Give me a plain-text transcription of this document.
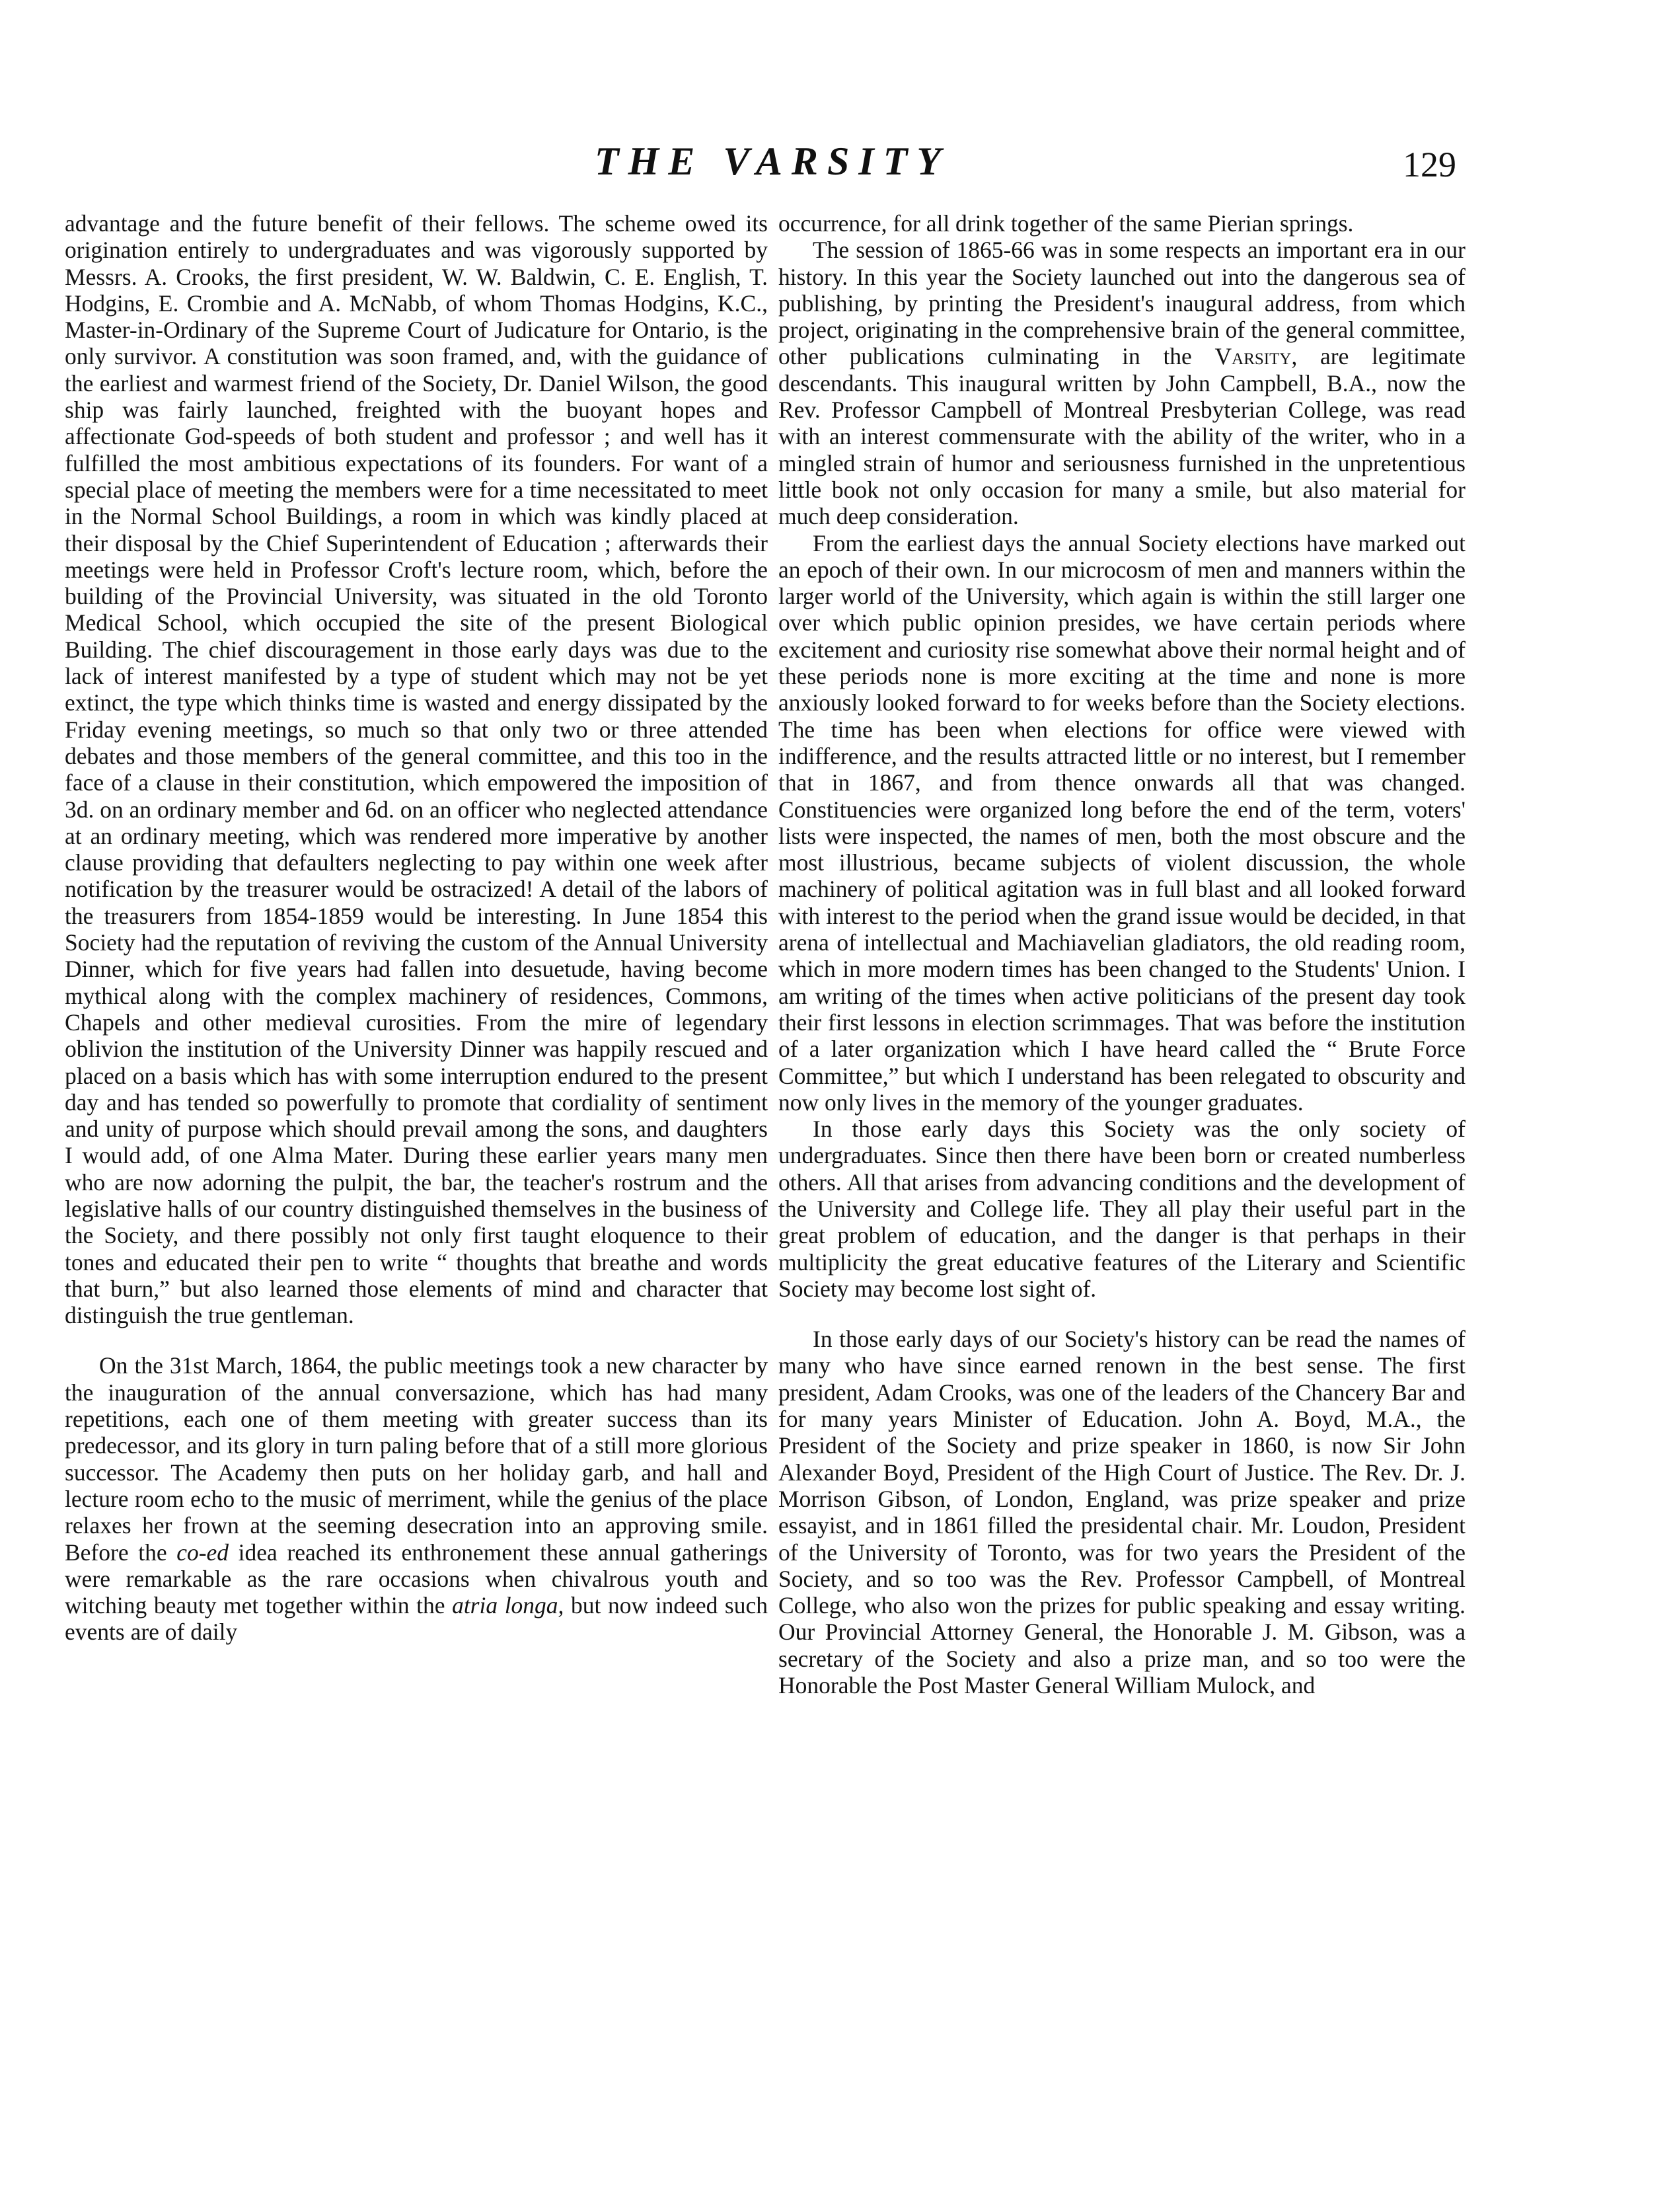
THE VARSITY	129

advantage and the future benefit of their fellows. The scheme owed its origination entirely to undergraduates and was vigorously supported by Messrs. A. Crooks, the first president, W. W. Baldwin, C. E. English, T. Hodgins, E. Crombie and A. McNabb, of whom Thomas Hodgins, K.C., Master-in-Ordinary of the Supreme Court of Judicature for Ontario, is the only survivor. A constitution was soon framed, and, with the guidance of the earliest and warmest friend of the Society, Dr. Daniel Wilson, the good ship was fairly launched, freighted with the buoyant hopes and affectionate God-speeds of both student and professor ; and well has it fulfilled the most ambitious expectations of its founders. For want of a special place of meeting the members were for a time necessitated to meet in the Normal School Buildings, a room in which was kindly placed at their disposal by the Chief Superintendent of Education ; afterwards their meetings were held in Professor Croft's lecture room, which, before the building of the Provincial University, was situated in the old Toronto Medical School, which occupied the site of the present Biological Building. The chief discouragement in those early days was due to the lack of interest manifested by a type of student which may not be yet extinct, the type which thinks time is wasted and energy dissipated by the Friday evening meetings, so much so that only two or three attended debates and those members of the general committee, and this too in the face of a clause in their constitution, which empowered the imposition of 3d. on an ordinary member and 6d. on an officer who neglected attendance at an ordinary meeting, which was rendered more imperative by another clause providing that defaulters neglecting to pay within one week after notification by the treasurer would be ostracized! A detail of the labors of the treasurers from 1854-1859 would be interesting. In June 1854 this Society had the reputation of reviving the custom of the Annual University Dinner, which for five years had fallen into desuetude, having become mythical along with the complex machinery of residences, Commons, Chapels and other medieval curosities. From the mire of legendary oblivion the institution of the University Dinner was happily rescued and placed on a basis which has with some interruption endured to the present day and has tended so powerfully to promote that cordiality of sentiment and unity of purpose which should prevail among the sons, and daughters I would add, of one Alma Mater. During these earlier years many men who are now adorning the pulpit, the bar, the teacher's rostrum and the legislative halls of our country distinguished themselves in the business of the Society, and there possibly not only first taught eloquence to their tones and educated their pen to write “ thoughts that breathe and words that burn,” but also learned those elements of mind and character that distinguish the true gentleman.

On the 31st March, 1864, the public meetings took a new character by the inauguration of the annual conversazione, which has had many repetitions, each one of them meeting with greater success than its predecessor, and its glory in turn paling before that of a still more glorious successor. The Academy then puts on her holiday garb, and hall and lecture room echo to the music of merriment, while the genius of the place relaxes her frown at the seeming desecration into an approving smile. Before the co-ed idea reached its enthronement these annual gatherings were remarkable as the rare occasions when chivalrous youth and witching beauty met together within the atria longa, but now indeed such events are of daily

occurrence, for all drink together of the same Pierian springs.

The session of 1865-66 was in some respects an important era in our history. In this year the Society launched out into the dangerous sea of publishing, by printing the President's inaugural address, from which project, originating in the comprehensive brain of the general committee, other publications culminating in the Varsity, are legitimate descendants. This inaugural written by John Campbell, B.A., now the Rev. Professor Campbell of Montreal Presbyterian College, was read with an interest commensurate with the ability of the writer, who in a mingled strain of humor and seriousness furnished in the unpretentious little book not only occasion for many a smile, but also material for much deep consideration.

From the earliest days the annual Society elections have marked out an epoch of their own. In our microcosm of men and manners within the larger world of the University, which again is within the still larger one over which public opinion presides, we have certain periods where excitement and curiosity rise somewhat above their normal height and of these periods none is more exciting at the time and none is more anxiously looked forward to for weeks before than the Society elections. The time has been when elections for office were viewed with indifference, and the results attracted little or no interest, but I remember that in 1867, and from thence onwards all that was changed. Constituencies were organized long before the end of the term, voters' lists were inspected, the names of men, both the most obscure and the most illustrious, became subjects of violent discussion, the whole machinery of political agitation was in full blast and all looked forward with interest to the period when the grand issue would be decided, in that arena of intellectual and Machiavelian gladiators, the old reading room, which in more modern times has been changed to the Students' Union. I am writing of the times when active politicians of the present day took their first lessons in election scrimmages. That was before the institution of a later organization which I have heard called the “ Brute Force Committee,” but which I understand has been relegated to obscurity and now only lives in the memory of the younger graduates.

In those early days this Society was the only society of undergraduates. Since then there have been born or created numberless others. All that arises from advancing conditions and the development of the University and College life. They all play their useful part in the great problem of education, and the danger is that perhaps in their multiplicity the great educative features of the Literary and Scientific Society may become lost sight of.

In those early days of our Society's history can be read the names of many who have since earned renown in the best sense. The first president, Adam Crooks, was one of the leaders of the Chancery Bar and for many years Minister of Education. John A. Boyd, M.A., the President of the Society and prize speaker in 1860, is now Sir John Alexander Boyd, President of the High Court of Justice. The Rev. Dr. J. Morrison Gibson, of London, England, was prize speaker and prize essayist, and in 1861 filled the presidental chair. Mr. Loudon, President of the University of Toronto, was for two years the President of the Society, and so too was the Rev. Professor Campbell, of Montreal College, who also won the prizes for public speaking and essay writing. Our Provincial Attorney General, the Honorable J. M. Gibson, was a secretary of the Society and also a prize man, and so too were the Honorable the Post Master General William Mulock, and
